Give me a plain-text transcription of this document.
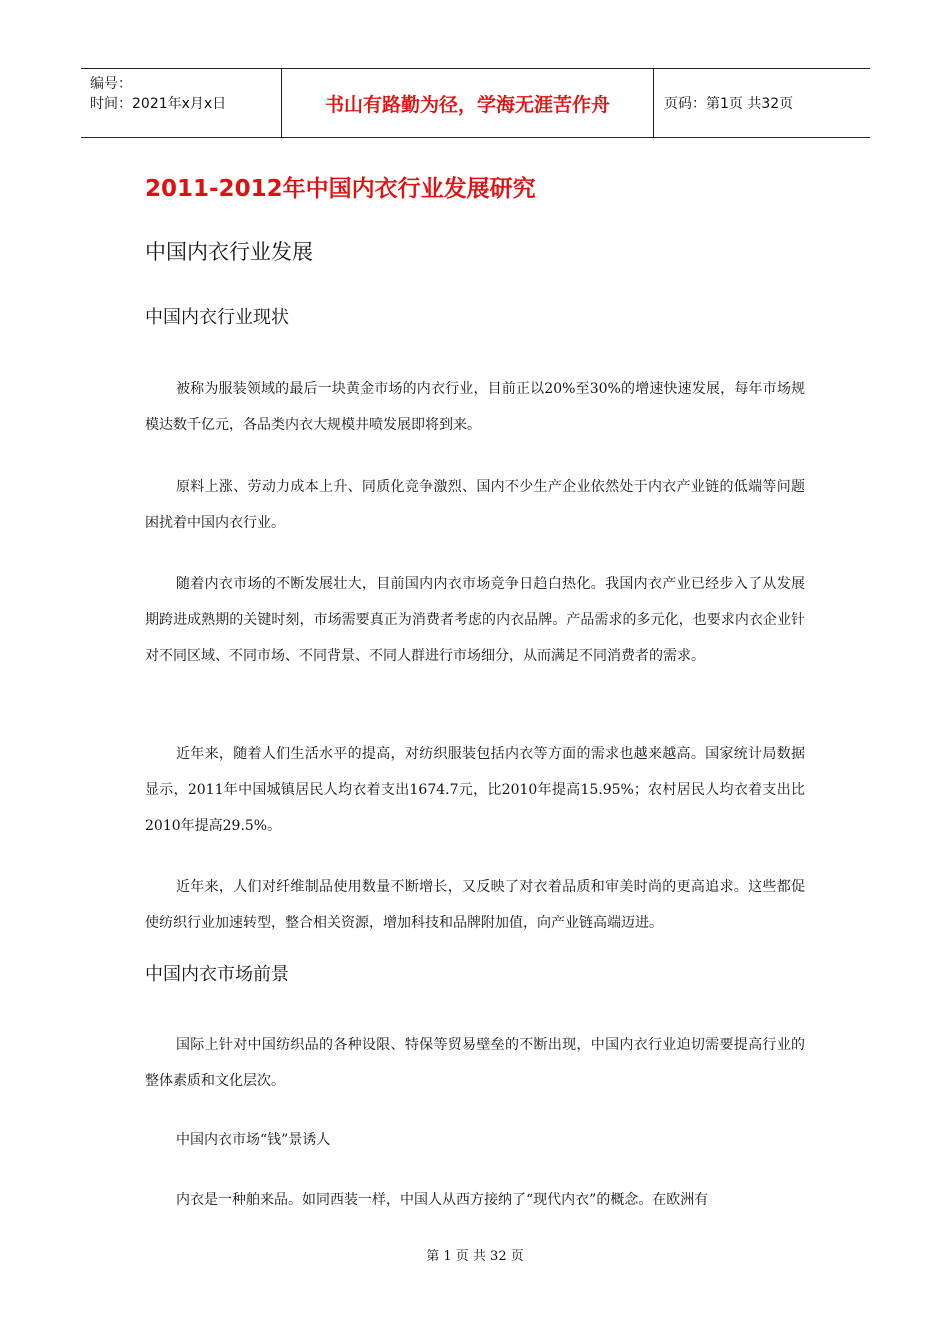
编号：
时间：2021年x月x日	书山有路勤为径，学海无涯苦作舟	页码：第1页 共32页
2011-2012年中国内衣行业发展研究
中国内衣行业发展
中国内衣行业现状
被称为服装领域的最后一块黄金市场的内衣行业，目前正以20%至30%的增速快速发展，每年市场规模达数千亿元，各品类内衣大规模井喷发展即将到来。
原料上涨、劳动力成本上升、同质化竞争激烈、国内不少生产企业依然处于内衣产业链的低端等问题困扰着中国内衣行业。
随着内衣市场的不断发展壮大，目前国内内衣市场竞争日趋白热化。我国内衣产业已经步入了从发展期跨进成熟期的关键时刻，市场需要真正为消费者考虑的内衣品牌。产品需求的多元化，也要求内衣企业针对不同区域、不同市场、不同背景、不同人群进行市场细分，从而满足不同消费者的需求。
近年来，随着人们生活水平的提高，对纺织服装包括内衣等方面的需求也越来越高。国家统计局数据显示，2011年中国城镇居民人均衣着支出1674.7元，比2010年提高15.95%；农村居民人均衣着支出比2010年提高29.5%。
近年来，人们对纤维制品使用数量不断增长，又反映了对衣着品质和审美时尚的更高追求。这些都促使纺织行业加速转型，整合相关资源，增加科技和品牌附加值，向产业链高端迈进。
中国内衣市场前景
国际上针对中国纺织品的各种设限、特保等贸易壁垒的不断出现，中国内衣行业迫切需要提高行业的整体素质和文化层次。
中国内衣市场“钱”景诱人
内衣是一种舶来品。如同西装一样，中国人从西方接纳了“现代内衣”的概念。在欧洲有
第 1 页 共 32 页
